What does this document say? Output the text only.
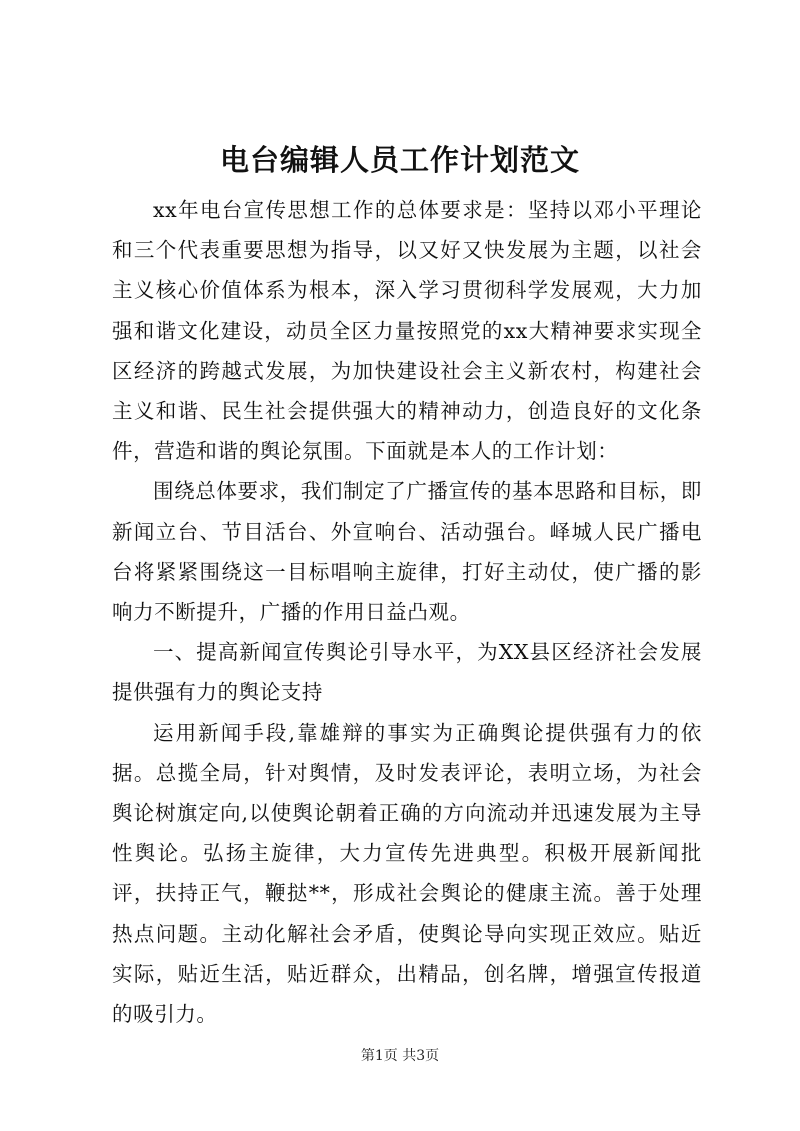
电台编辑人员工作计划范文

xx年电台宣传思想工作的总体要求是：坚持以邓小平理论和三个代表重要思想为指导，以又好又快发展为主题，以社会主义核心价值体系为根本，深入学习贯彻科学发展观，大力加强和谐文化建设，动员全区力量按照党的xx大精神要求实现全区经济的跨越式发展，为加快建设社会主义新农村，构建社会主义和谐、民生社会提供强大的精神动力，创造良好的文化条件，营造和谐的舆论氛围。下面就是本人的工作计划：

围绕总体要求，我们制定了广播宣传的基本思路和目标，即新闻立台、节目活台、外宣响台、活动强台。峄城人民广播电台将紧紧围绕这一目标唱响主旋律，打好主动仗，使广播的影响力不断提升，广播的作用日益凸观。

一、提高新闻宣传舆论引导水平，为XX县区经济社会发展提供强有力的舆论支持

运用新闻手段,靠雄辩的事实为正确舆论提供强有力的依据。总揽全局，针对舆情，及时发表评论，表明立场，为社会舆论树旗定向,以使舆论朝着正确的方向流动并迅速发展为主导性舆论。弘扬主旋律，大力宣传先进典型。积极开展新闻批评，扶持正气，鞭挞**，形成社会舆论的健康主流。善于处理热点问题。主动化解社会矛盾，使舆论导向实现正效应。贴近实际，贴近生活，贴近群众，出精品，创名牌，增强宣传报道的吸引力。

第1页 共3页
